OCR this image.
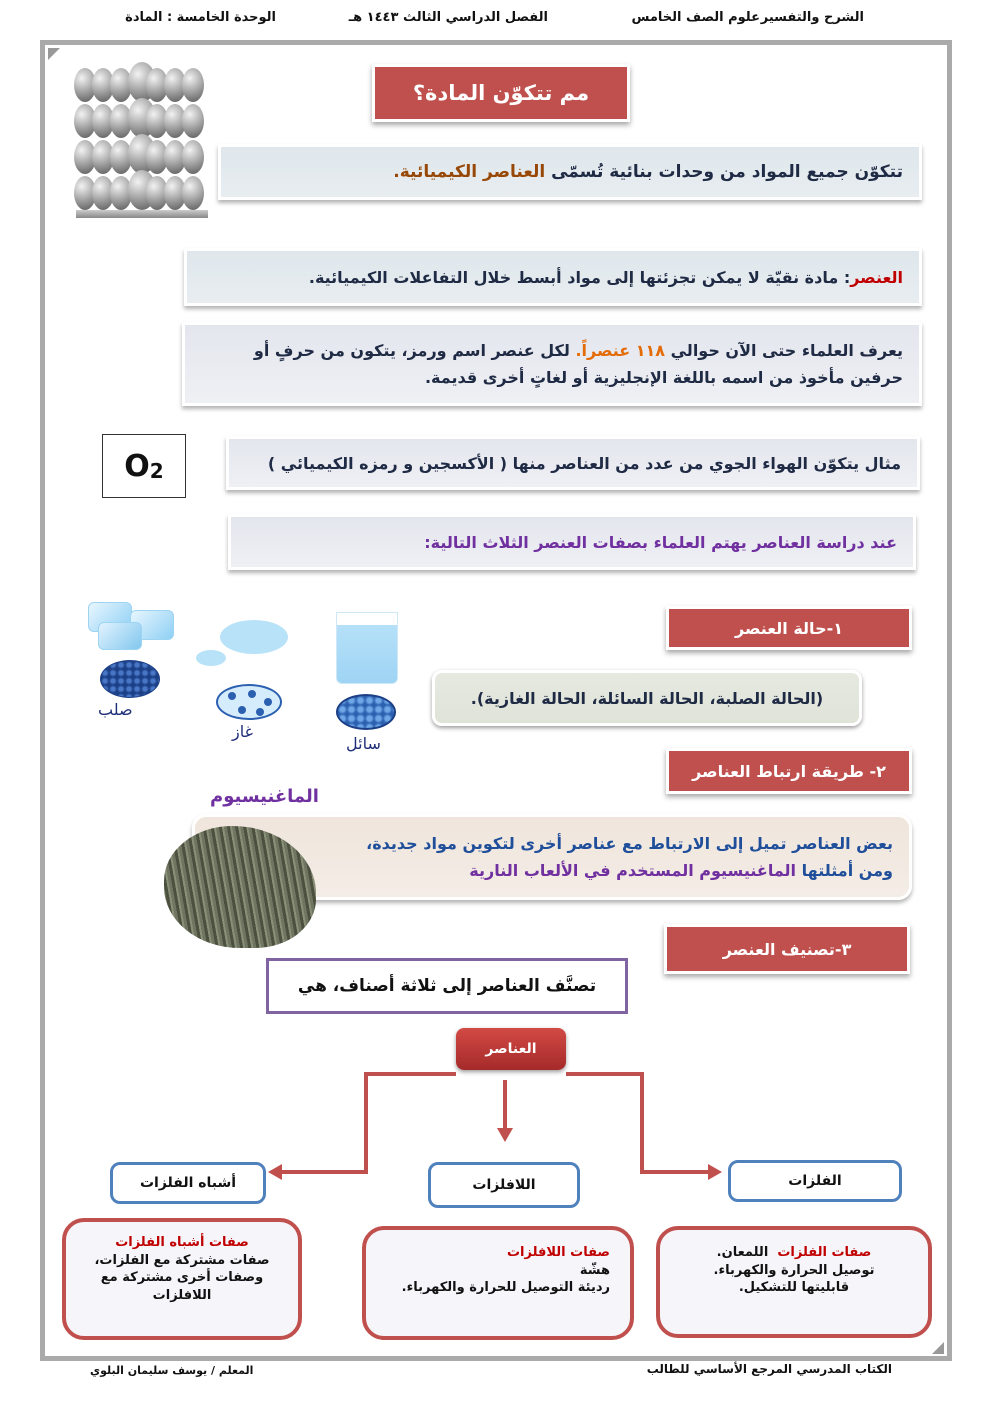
الشرح والتفسير
علوم الصف الخامس
الفصل الدراسي الثالث ١٤٤٣ هـ
الوحدة الخامسة : المادة
مم تتكوّن المادة؟
تتكوّن جميع المواد من وحدات بنائية تُسمّى العناصر الكيميائية.
العنصر: مادة نقيّة لا يمكن تجزئتها إلى مواد أبسط خلال التفاعلات الكيميائية.
يعرف العلماء حتى الآن حوالي ١١٨ عنصراً. لكل عنصر اسم ورمز، يتكون من حرفٍ أو حرفين مأخوذ من اسمه باللغة الإنجليزية أو لغاتٍ أخرى قديمة.
O 2	مثال يتكوّن الهواء الجوي من عدد من العناصر منها ( الأكسجين و رمزه الكيميائي )
عند دراسة العناصر يهتم العلماء بصفات العنصر الثلاث التالية:
١-حالة العنصر
(الحالة الصلبة، الحالة السائلة، الحالة الغازية).
صلب
غاز
سائل
٢- طريقة ارتباط العناصر
الماغنيسيوم
بعض العناصر تميل إلى الارتباط مع عناصر أخرى لتكوين مواد جديدة،
ومن أمثلتها الماغنيسيوم المستخدم في الألعاب النارية
٣-تصنيف العنصر
تصنَّف العناصر إلى ثلاثة أصناف، هي
العناصر
الفلزات
اللافلزات
أشباه الفلزات
صفات الفلزات  اللمعان.
توصيل الحرارة والكهرباء.
قابليتها للتشكيل.
صفات اللافلزات
هشّة
رديئة التوصيل للحرارة والكهرباء.
صفات أشباه الفلزات
صفات مشتركة مع الفلزات،
وصفات أخرى مشتركة مع
اللافلزات
الكتاب المدرسي المرجع الأساسي للطالب
المعلم / يوسف سليمان البلوي
